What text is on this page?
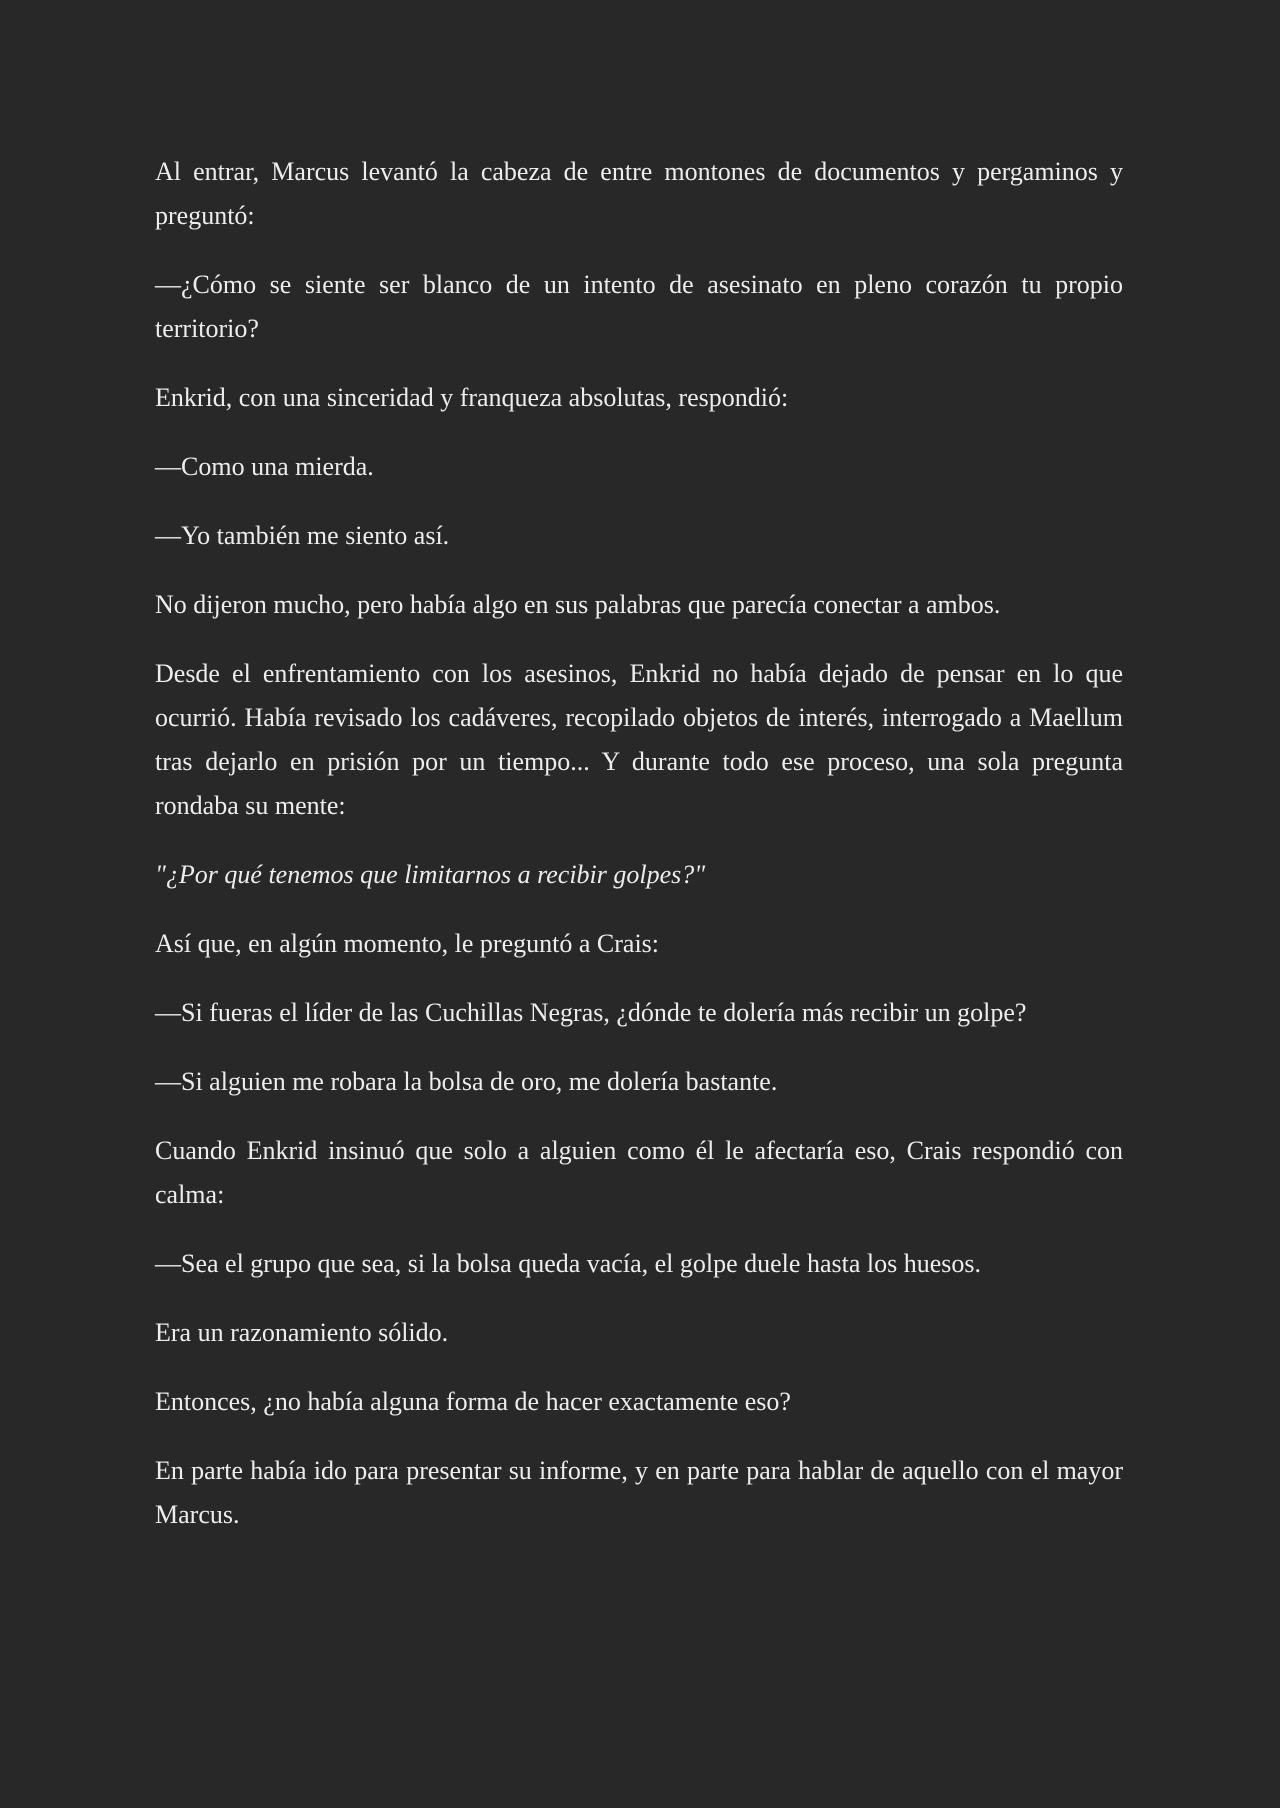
Al entrar, Marcus levantó la cabeza de entre montones de documentos y pergaminos y preguntó:

—¿Cómo se siente ser blanco de un intento de asesinato en pleno corazón tu propio territorio?

Enkrid, con una sinceridad y franqueza absolutas, respondió:

—Como una mierda.

—Yo también me siento así.

No dijeron mucho, pero había algo en sus palabras que parecía conectar a ambos.

Desde el enfrentamiento con los asesinos, Enkrid no había dejado de pensar en lo que ocurrió. Había revisado los cadáveres, recopilado objetos de interés, interrogado a Maellum tras dejarlo en prisión por un tiempo... Y durante todo ese proceso, una sola pregunta rondaba su mente:

"¿Por qué tenemos que limitarnos a recibir golpes?"

Así que, en algún momento, le preguntó a Crais:

—Si fueras el líder de las Cuchillas Negras, ¿dónde te dolería más recibir un golpe?

—Si alguien me robara la bolsa de oro, me dolería bastante.

Cuando Enkrid insinuó que solo a alguien como él le afectaría eso, Crais respondió con calma:

—Sea el grupo que sea, si la bolsa queda vacía, el golpe duele hasta los huesos.

Era un razonamiento sólido.

Entonces, ¿no había alguna forma de hacer exactamente eso?

En parte había ido para presentar su informe, y en parte para hablar de aquello con el mayor Marcus.
